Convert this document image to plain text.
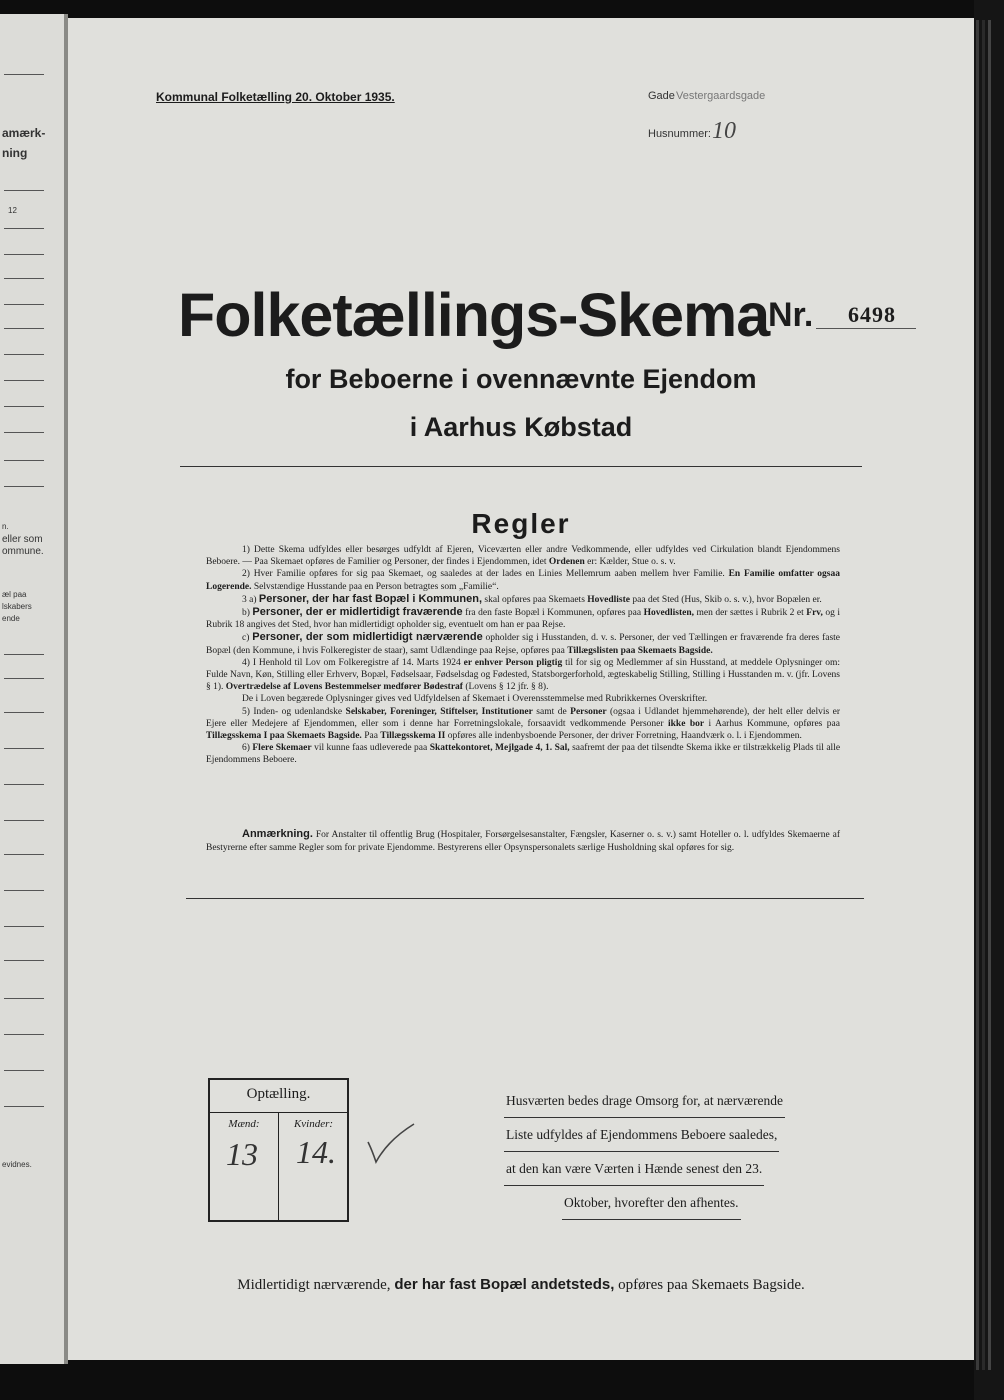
amærk-
ning
12
n.
eller som
ommune.
æl paa
lskabers
ende
evidnes.
Kommunal Folketælling 20. Oktober 1935.	Gade Vestergaardsgade
Husnummer: 10
Folketællings-Skema
Nr. 6498
for Beboerne i ovennævnte Ejendom
i Aarhus Købstad
Regler

1) Dette Skema udfyldes eller besørges udfyldt af Ejeren, Viceværten eller andre Vedkommende, eller udfyldes ved Cirkulation blandt Ejendommens Beboere. — Paa Skemaet opføres de Familier og Personer, der findes i Ejendommen, idet Ordenen er: Kælder, Stue o. s. v.

2) Hver Familie opføres for sig paa Skemaet, og saaledes at der lades en Linies Mellemrum aaben mellem hver Familie. En Familie omfatter ogsaa Logerende. Selvstændige Husstande paa en Person betragtes som „Familie“.

3 a) Personer, der har fast Bopæl i Kommunen, skal opføres paa Skemaets Hovedliste paa det Sted (Hus, Skib o. s. v.), hvor Bopælen er.

b) Personer, der er midlertidigt fraværende fra den faste Bopæl i Kommunen, opføres paa Hovedlisten, men der sættes i Rubrik 2 et Frv, og i Rubrik 18 angives det Sted, hvor han midlertidigt opholder sig, eventuelt om han er paa Rejse.

c) Personer, der som midlertidigt nærværende opholder sig i Husstanden, d. v. s. Personer, der ved Tællingen er fraværende fra deres faste Bopæl (den Kommune, i hvis Folkeregister de staar), samt Udlændinge paa Rejse, opføres paa Tillægslisten paa Skemaets Bagside.

4) I Henhold til Lov om Folkeregistre af 14. Marts 1924 er enhver Person pligtig til for sig og Medlemmer af sin Husstand, at meddele Oplysninger om: Fulde Navn, Køn, Stilling eller Erhverv, Bopæl, Fødselsaar, Fødselsdag og Fødested, Statsborgerforhold, ægteskabelig Stilling, Stilling i Husstanden m. v. (jfr. Lovens § 1). Overtrædelse af Lovens Bestemmelser medfører Bødestraf (Lovens § 12 jfr. § 8).

De i Loven begærede Oplysninger gives ved Udfyldelsen af Skemaet i Overensstemmelse med Rubrikkernes Overskrifter.

5) Inden- og udenlandske Selskaber, Foreninger, Stiftelser, Institutioner samt de Personer (ogsaa i Udlandet hjemmehørende), der helt eller delvis er Ejere eller Medejere af Ejendommen, eller som i denne har Forretningslokale, forsaavidt vedkommende Personer ikke bor i Aarhus Kommune, opføres paa Tillægsskema I paa Skemaets Bagside. Paa Tillægsskema II opføres alle indenbysboende Personer, der driver Forretning, Haandværk o. l. i Ejendommen.

6) Flere Skemaer vil kunne faas udleverede paa Skattekontoret, Mejlgade 4, 1. Sal, saafremt der paa det tilsendte Skema ikke er tilstrækkelig Plads til alle Ejendommens Beboere.

Anmærkning. For Anstalter til offentlig Brug (Hospitaler, Forsørgelsesanstalter, Fængsler, Kaserner o. s. v.) samt Hoteller o. l. udfyldes Skemaerne af Bestyrerne efter samme Regler som for private Ejendomme. Bestyrerens eller Opsynspersonalets særlige Husholdning skal opføres for sig.

Optælling.
Mænd:	Kvinder:
13 14.
Husværten bedes drage Omsorg for, at nærværende
Liste udfyldes af Ejendommens Beboere saaledes,
at den kan være Værten i Hænde senest den 23.
Oktober, hvorefter den afhentes.
Midlertidigt nærværende, der har fast Bopæl andetsteds, opføres paa Skemaets Bagside.
